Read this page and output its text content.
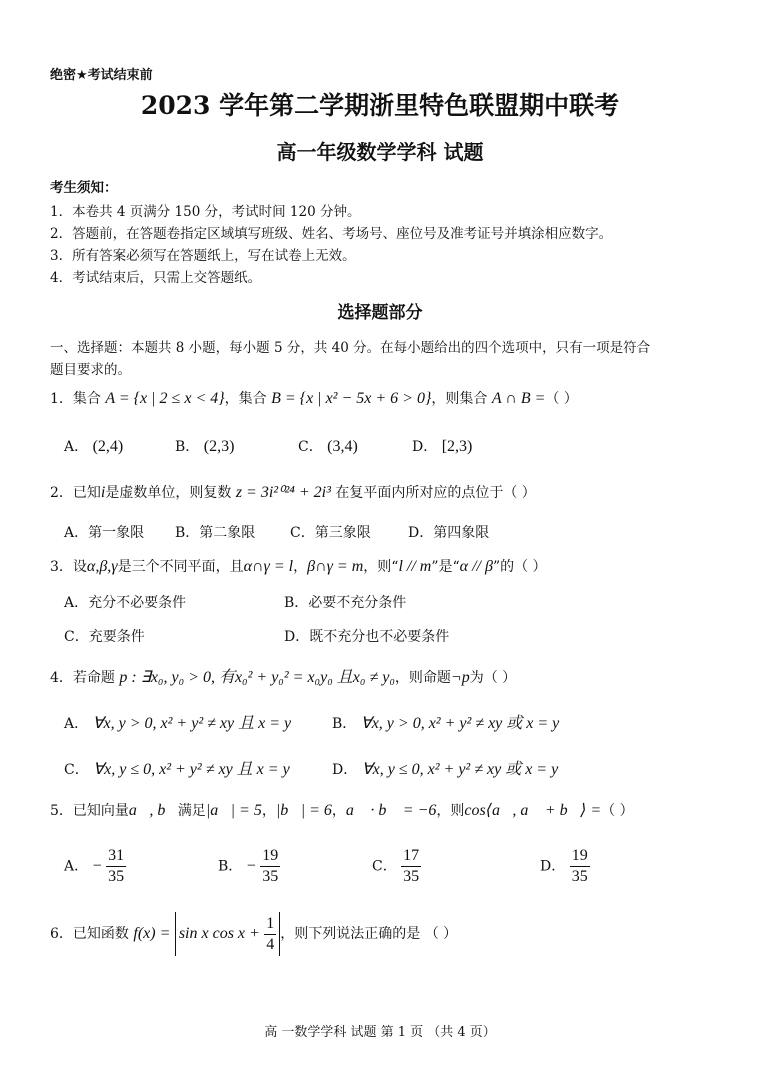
绝密★考试结束前
2023 学年第二学期浙里特色联盟期中联考
高一年级数学学科 试题
考生须知：
1．本卷共 4 页满分 150 分，考试时间 120 分钟。
2．答题前，在答题卷指定区域填写班级、姓名、考场号、座位号及准考证号并填涂相应数字。
3．所有答案必须写在答题纸上，写在试卷上无效。
4．考试结束后，只需上交答题纸。
选择题部分
一、选择题：本题共 8 小题，每小题 5 分，共 40 分。在每小题给出的四个选项中，只有一项是符合
题目要求的。
1．集合 A = {x | 2 ≤ x < 4}，集合 B = {x | x² − 5x + 6 > 0}，则集合 A ∩ B =（ ）
A． (2,4)	B． (2,3)	C． (3,4)	D． [2,3)
2．已知i是虚数单位，则复数 z = 3i²⁰²⁴ + 2i³ 在复平面内所对应的点位于（ ）
A．第一象限 B．第二象限 C．第三象限	D．第四象限
3．设α,β,γ是三个不同平面，且α∩γ = l，β∩γ = m，则“l // m”是“α // β”的（ ）
A．充分不必要条件	B．必要不充分条件
C．充要条件	D．既不充分也不必要条件
4．若命题 p : ∃x₀, y₀ > 0, 有x₀² + y₀² = x₀y₀ 且x₀ ≠ y₀，则命题¬p为（ ）
A． ∀x, y > 0, x² + y² ≠ xy 且 x = y	B． ∀x, y > 0, x² + y² ≠ xy 或 x = y
C． ∀x, y ≤ 0, x² + y² ≠ xy 且 x = y	D． ∀x, y ≤ 0, x² + y² ≠ xy 或 x = y
5．已知向量a⃗, b⃗满足|a⃗| = 5，|b⃗| = 6，a⃗ · b⃗ = −6，则cos⟨a⃗, a⃗ + b⃗⟩ =（ ）
A． − $\frac{31}{35}$	B． − $\frac{19}{35}$	C． $\frac{17}{35}$	D． $\frac{19}{35}$
6．已知函数 f(x) = sin x $\cos x + \frac{1}{4}$ ，则下列说法正确的是 （ ）
高 一数学学科 试题 第 1 页 （共 4 页）
